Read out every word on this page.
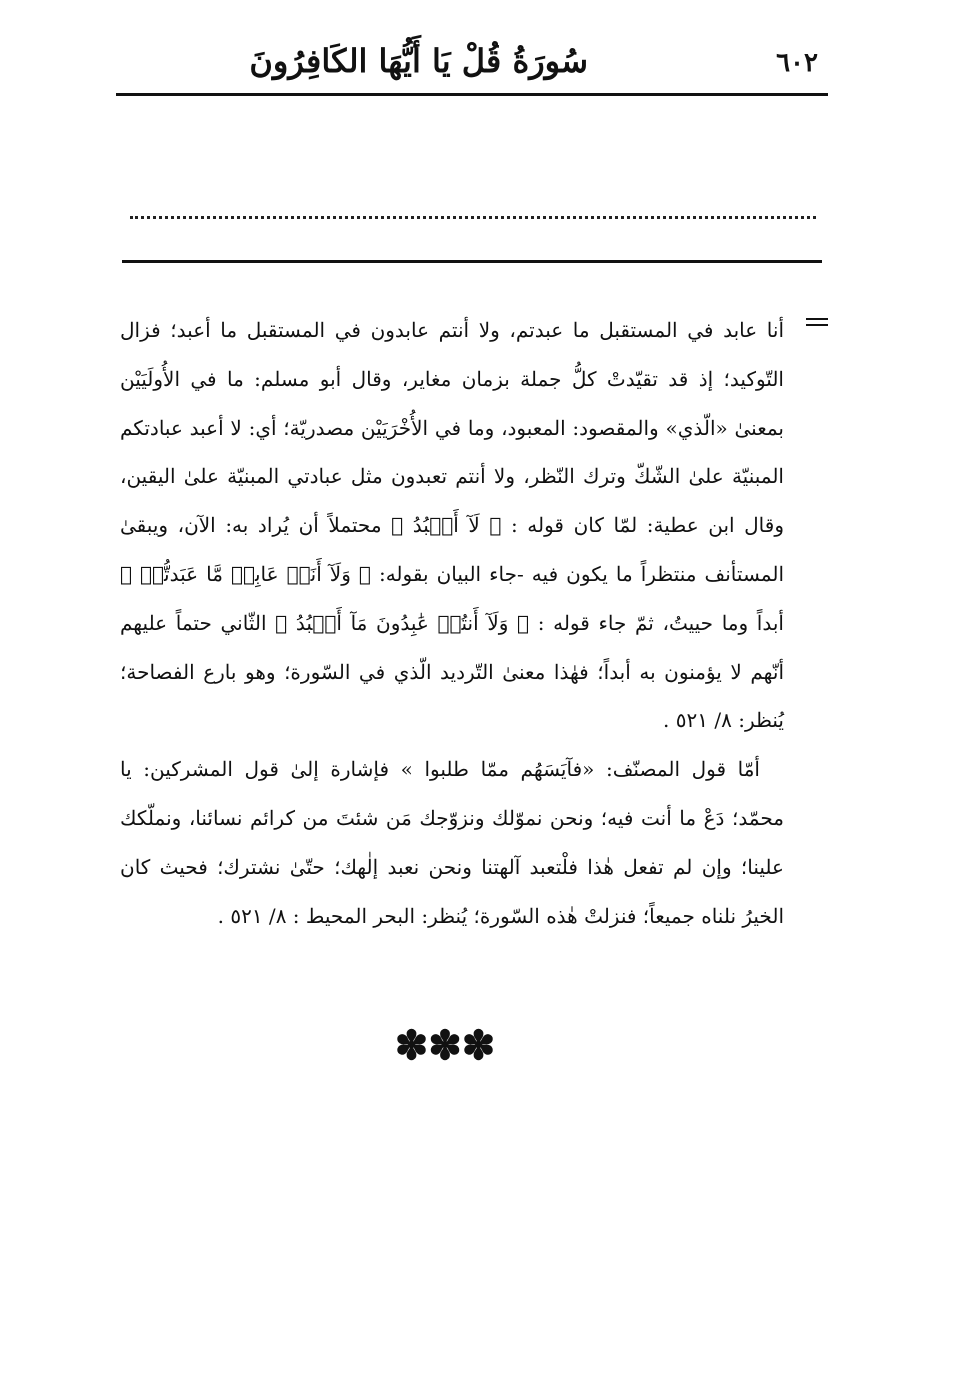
٦٠٢
سُورَةُ قُلْ يَا أَيُّهَا الكَافِرُونَ

أنا عابد في المستقبل ما عبدتم، ولا أنتم عابدون في المستقبل ما أعبد؛ فزال التّوكيد؛ إذ قد تقيّدتْ كلُّ جملة بزمان مغاير، وقال أبو مسلم: ما في الأُولَيَيْن بمعنىٰ «الّذي» والمقصود: المعبود، وما في الأُخْرَيَيْن مصدريّة؛ أي: لا أعبد عبادتكم المبنيّة علىٰ الشّكّ وترك النّظر، ولا أنتم تعبدون مثل عبادتي المبنيّة علىٰ اليقين، وقال ابن عطية: لمّا كان قوله : ﴿ لَآ أَعۡبُدُ ﴾ محتملاً أن يُراد به: الآن، ويبقىٰ المستأنف منتظراً ما يكون فيه -جاء البيان بقوله: ﴿ وَلَآ أَنَا۠ عَابِدٞ مَّا عَبَدتُّمۡ ﴾ أبداً وما حييتُ، ثمّ جاء قوله : ﴿ وَلَآ أَنتُمۡ عَٰبِدُونَ مَآ أَعۡبُدُ ﴾ الثّاني حتماً عليهم أنّهم لا يؤمنون به أبداً؛ فهٰذا معنىٰ التّرديد الّذي في السّورة؛ وهو بارع الفصاحة؛ يُنظر: ٨/ ٥٢١ .

أمّا قول المصنّف: «فآيَسَهُم ممّا طلبوا » فإشارة إلىٰ قول المشركين: يا محمّد؛ دَعْ ما أنت فيه؛ ونحن نموّلك ونزوّجك مَن شئتَ من كرائم نسائنا، ونملّكك علينا؛ وإن لم تفعل هٰذا فلْتعبد آلهتنا ونحن نعبد إلٰهك؛ حتّىٰ نشترك؛ فحيث كان الخيرُ نلناه جميعاً؛ فنزلتْ هٰذه السّورة؛ يُنظر: البحر المحيط : ٨/ ٥٢١ .

✽✽✽
